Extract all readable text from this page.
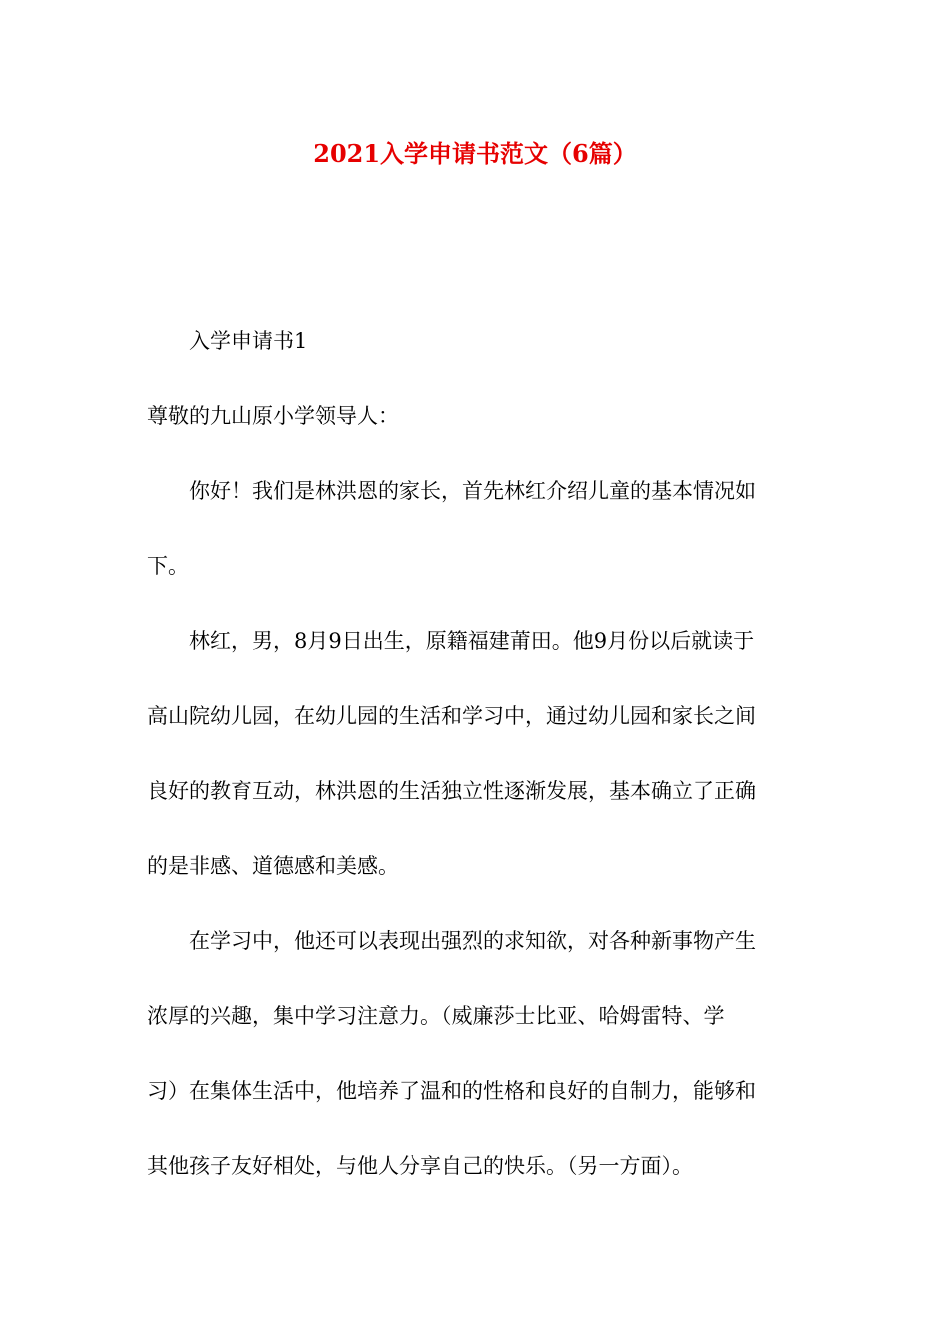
2021入学申请书范文（6篇）
入学申请书1
尊敬的九山原小学领导人：
你好！我们是林洪恩的家长，首先林红介绍儿童的基本情况如
下。
林红，男，8月9日出生，原籍福建莆田。他9月份以后就读于
高山院幼儿园，在幼儿园的生活和学习中，通过幼儿园和家长之间
良好的教育互动，林洪恩的生活独立性逐渐发展，基本确立了正确
的是非感、道德感和美感。
在学习中，他还可以表现出强烈的求知欲，对各种新事物产生
浓厚的兴趣，集中学习注意力。（威廉莎士比亚、哈姆雷特、学
习）在集体生活中，他培养了温和的性格和良好的自制力，能够和
其他孩子友好相处，与他人分享自己的快乐。（另一方面）。
